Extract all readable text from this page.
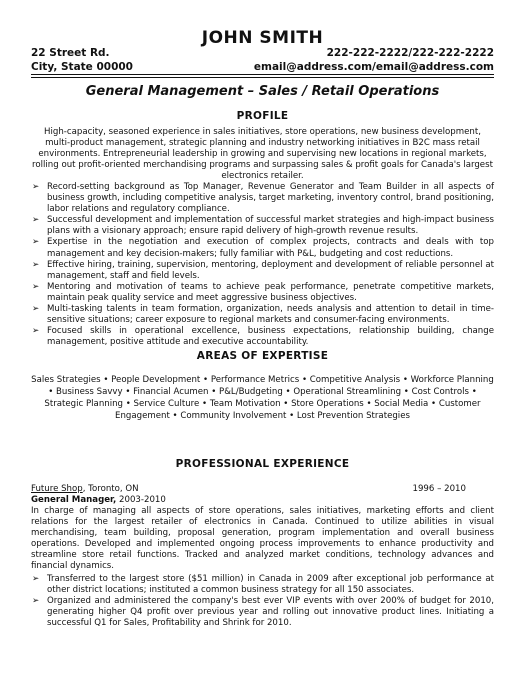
JOHN SMITH
22 Street Rd.
City, State 00000
222-222-2222/222-222-2222
email@address.com/email@address.com
General Management – Sales / Retail Operations
PROFILE
High-capacity, seasoned experience in sales initiatives, store operations, new business development, multi-product management, strategic planning and industry networking initiatives in B2C mass retail environments. Entrepreneurial leadership in growing and supervising new locations in regional markets, rolling out profit-oriented merchandising programs and surpassing sales & profit goals for Canada's largest electronics retailer.
➢ Record-setting background as Top Manager, Revenue Generator and Team Builder in all aspects of business growth, including competitive analysis, target marketing, inventory control, brand positioning, labor relations and regulatory compliance.
➢ Successful development and implementation of successful market strategies and high-impact business plans with a visionary approach; ensure rapid delivery of high-growth revenue results.
➢ Expertise in the negotiation and execution of complex projects, contracts and deals with top management and key decision-makers; fully familiar with P&L, budgeting and cost reductions.
➢ Effective hiring, training, supervision, mentoring, deployment and development of reliable personnel at management, staff and field levels.
➢ Mentoring and motivation of teams to achieve peak performance, penetrate competitive markets, maintain peak quality service and meet aggressive business objectives.
➢ Multi-tasking talents in team formation, organization, needs analysis and attention to detail in time-sensitive situations; career exposure to regional markets and consumer-facing environments.
➢ Focused skills in operational excellence, business expectations, relationship building, change management, positive attitude and executive accountability.
AREAS OF EXPERTISE
Sales Strategies • People Development • Performance Metrics • Competitive Analysis • Workforce Planning • Business Savvy • Financial Acumen • P&L/Budgeting • Operational Streamlining • Cost Controls • Strategic Planning • Service Culture • Team Motivation • Store Operations • Social Media • Customer Engagement • Community Involvement • Lost Prevention Strategies
PROFESSIONAL EXPERIENCE
Future Shop, Toronto, ON	1996 – 2010
General Manager, 2003-2010
In charge of managing all aspects of store operations, sales initiatives, marketing efforts and client relations for the largest retailer of electronics in Canada. Continued to utilize abilities in visual merchandising, team building, proposal generation, program implementation and overall business operations. Developed and implemented ongoing process improvements to enhance productivity and streamline store retail functions. Tracked and analyzed market conditions, technology advances and financial dynamics.
➢ Transferred to the largest store ($51 million) in Canada in 2009 after exceptional job performance at other district locations; instituted a common business strategy for all 150 associates.
➢ Organized and administered the company's best ever VIP events with over 200% of budget for 2010, generating higher Q4 profit over previous year and rolling out innovative product lines. Initiating a successful Q1 for Sales, Profitability and Shrink for 2010.
